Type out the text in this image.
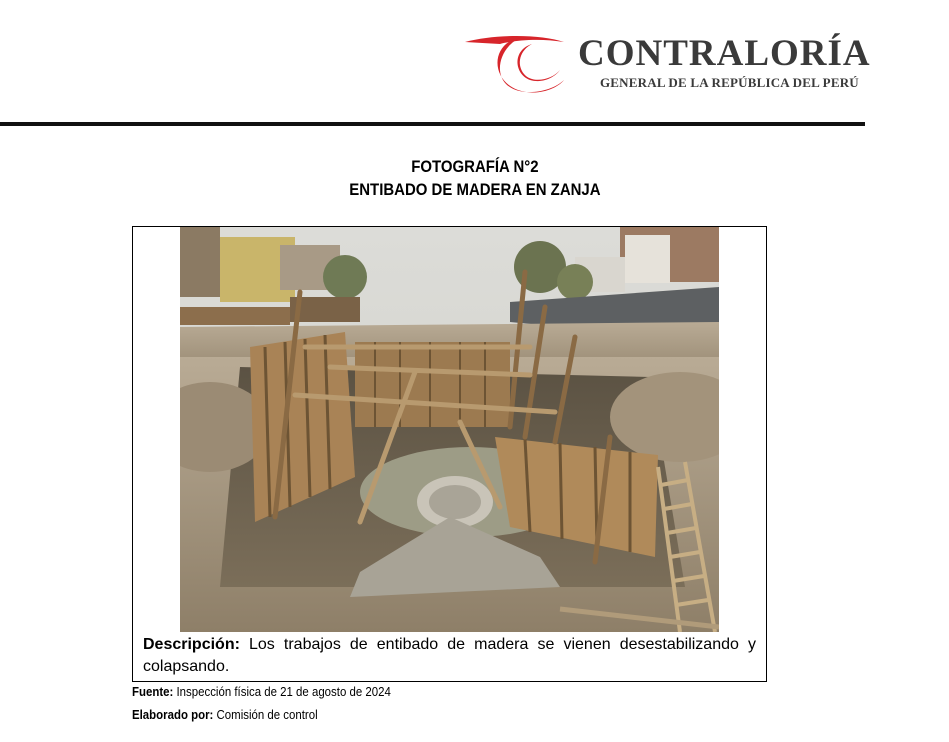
CONTRALORÍA
GENERAL DE LA REPÚBLICA DEL PERÚ
FOTOGRAFÍA N°2
ENTIBADO DE MADERA EN ZANJA
Descripción: Los trabajos de entibado de madera se vienen desestabilizando y colapsando.
Fuente: Inspección física de 21 de agosto de 2024
Elaborado por: Comisión de control
